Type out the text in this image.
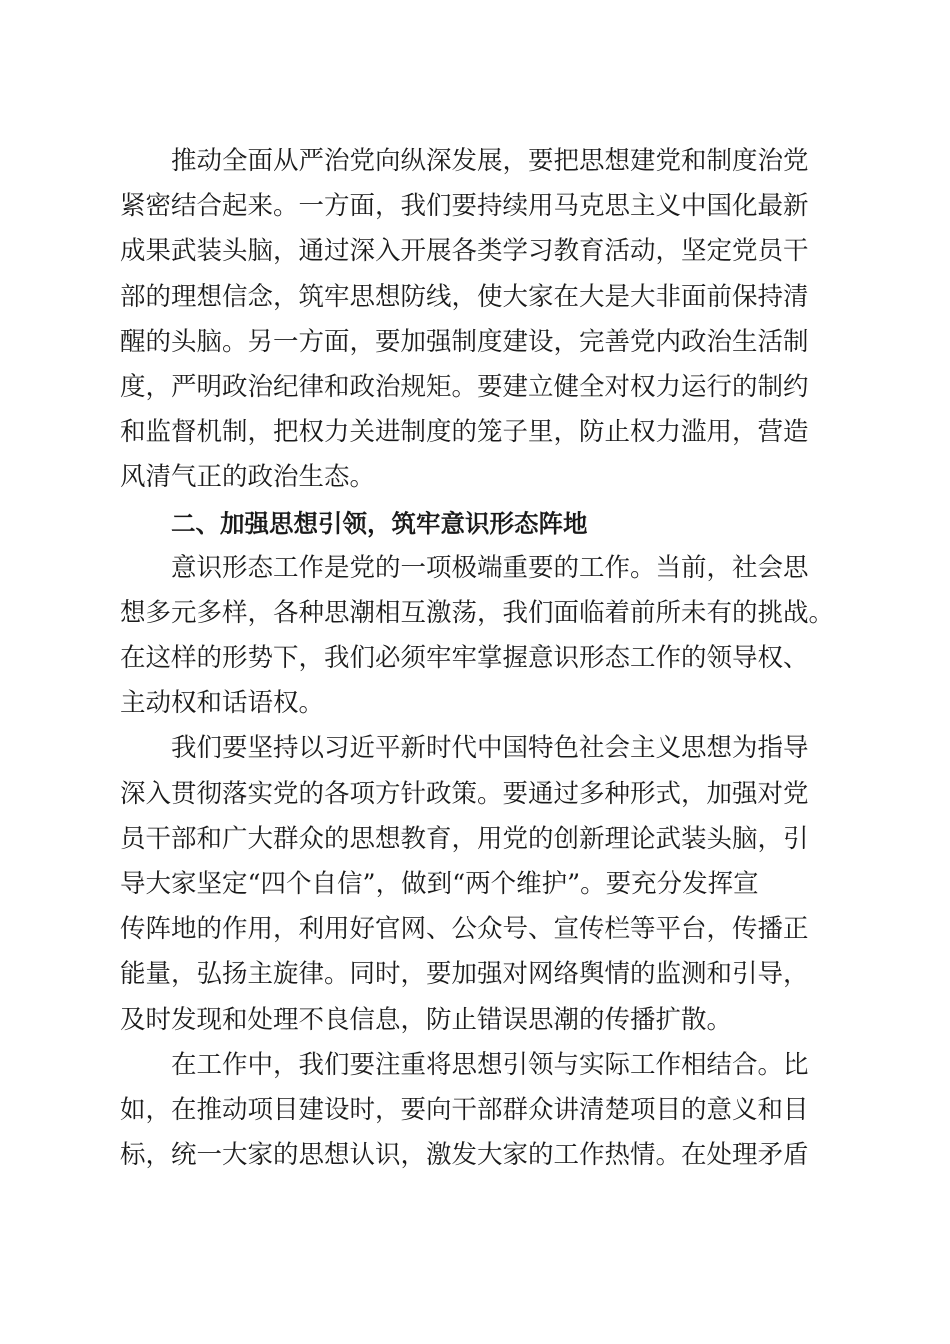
推动全面从严治党向纵深发展，要把思想建党和制度治党
紧密结合起来。一方面，我们要持续用马克思主义中国化最新
成果武装头脑，通过深入开展各类学习教育活动，坚定党员干
部的理想信念，筑牢思想防线，使大家在大是大非面前保持清
醒的头脑。另一方面，要加强制度建设，完善党内政治生活制
度，严明政治纪律和政治规矩。要建立健全对权力运行的制约
和监督机制，把权力关进制度的笼子里，防止权力滥用，营造
风清气正的政治生态。
二、加强思想引领，筑牢意识形态阵地
意识形态工作是党的一项极端重要的工作。当前，社会思
想多元多样，各种思潮相互激荡，我们面临着前所未有的挑战。
在这样的形势下，我们必须牢牢掌握意识形态工作的领导权、
主动权和话语权。
我们要坚持以习近平新时代中国特色社会主义思想为指导
深入贯彻落实党的各项方针政策。要通过多种形式，加强对党
员干部和广大群众的思想教育，用党的创新理论武装头脑，引
导大家坚定“四个自信”，做到“两个维护”。要充分发挥宣
传阵地的作用，利用好官网、公众号、宣传栏等平台，传播正
能量，弘扬主旋律。同时，要加强对网络舆情的监测和引导，
及时发现和处理不良信息，防止错误思潮的传播扩散。
在工作中，我们要注重将思想引领与实际工作相结合。比
如，在推动项目建设时，要向干部群众讲清楚项目的意义和目
标，统一大家的思想认识，激发大家的工作热情。在处理矛盾
